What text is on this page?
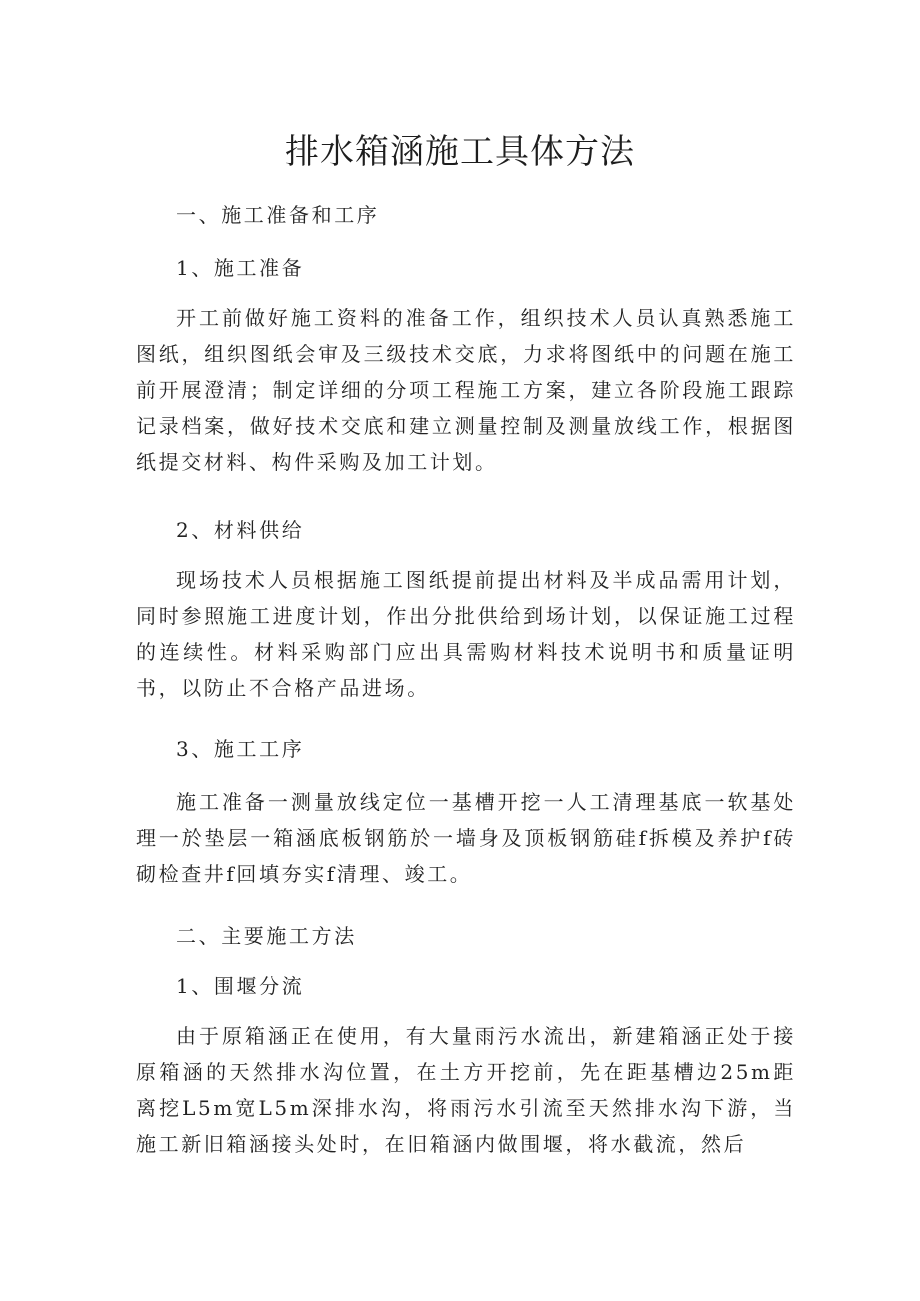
排水箱涵施工具体方法
一、施工准备和工序
1、施工准备
开工前做好施工资料的准备工作，组织技术人员认真熟悉施工图纸，组织图纸会审及三级技术交底，力求将图纸中的问题在施工前开展澄清；制定详细的分项工程施工方案，建立各阶段施工跟踪记录档案，做好技术交底和建立测量控制及测量放线工作，根据图纸提交材料、构件采购及加工计划。
2、材料供给
现场技术人员根据施工图纸提前提出材料及半成品需用计划，同时参照施工进度计划，作出分批供给到场计划，以保证施工过程的连续性。材料采购部门应出具需购材料技术说明书和质量证明书，以防止不合格产品进场。
3、施工工序
施工准备一测量放线定位一基槽开挖一人工清理基底一软基处理一於垫层一箱涵底板钢筋於一墙身及顶板钢筋硅f拆模及养护f砖砌检查井f回填夯实f清理、竣工。
二、主要施工方法
1、围堰分流
由于原箱涵正在使用，有大量雨污水流出，新建箱涵正处于接原箱涵的天然排水沟位置，在土方开挖前，先在距基槽边25m距离挖L5m宽L5m深排水沟，将雨污水引流至天然排水沟下游，当施工新旧箱涵接头处时，在旧箱涵内做围堰，将水截流，然后
